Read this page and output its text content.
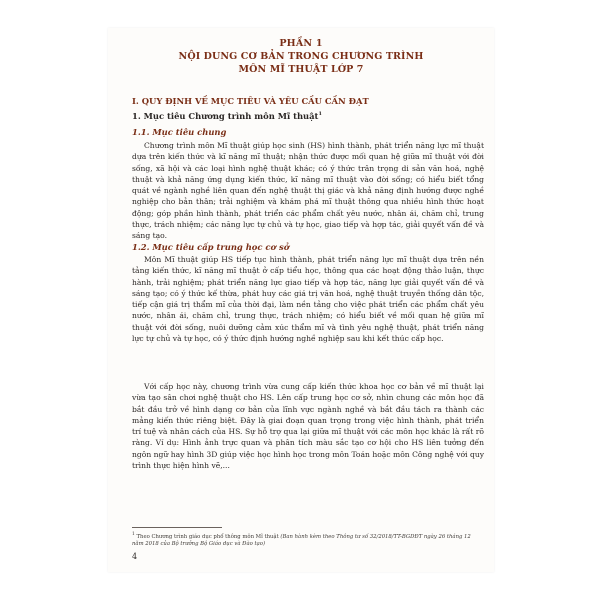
PHẦN 1
NỘI DUNG CƠ BẢN TRONG CHƯƠNG TRÌNH
MÔN MĨ THUẬT LỚP 7
I. QUY ĐỊNH VỀ MỤC TIÊU VÀ YÊU CẦU CẦN ĐẠT
1. Mục tiêu Chương trình môn Mĩ thuật$^1$
1.1. Mục tiêu chung
Chương trình môn Mĩ thuật giúp học sinh (HS) hình thành, phát triển năng lực mĩ thuật dựa trên kiến thức và kĩ năng mĩ thuật; nhận thức được mối quan hệ giữa mĩ thuật với đời sống, xã hội và các loại hình nghệ thuật khác; có ý thức trân trọng di sản văn hoá, nghệ thuật và khả năng ứng dụng kiến thức, kĩ năng mĩ thuật vào đời sống; có hiểu biết tổng quát về ngành nghề liên quan đến nghệ thuật thị giác và khả năng định hướng được nghề nghiệp cho bản thân; trải nghiệm và khám phá mĩ thuật thông qua nhiều hình thức hoạt động; góp phần hình thành, phát triển các phẩm chất yêu nước, nhân ái, chăm chỉ, trung thực, trách nhiệm; các năng lực tự chủ và tự học, giao tiếp và hợp tác, giải quyết vấn đề và sáng tạo.
1.2. Mục tiêu cấp trung học cơ sở
Môn Mĩ thuật giúp HS tiếp tục hình thành, phát triển năng lực mĩ thuật dựa trên nền tảng kiến thức, kĩ năng mĩ thuật ở cấp tiểu học, thông qua các hoạt động thảo luận, thực hành, trải nghiệm; phát triển năng lực giao tiếp và hợp tác, năng lực giải quyết vấn đề và sáng tạo; có ý thức kế thừa, phát huy các giá trị văn hoá, nghệ thuật truyền thống dân tộc, tiếp cận giá trị thẩm mĩ của thời đại, làm nền tảng cho việc phát triển các phẩm chất yêu nước, nhân ái, chăm chỉ, trung thực, trách nhiệm; có hiểu biết về mối quan hệ giữa mĩ thuật với đời sống, nuôi dưỡng cảm xúc thẩm mĩ và tình yêu nghệ thuật, phát triển năng lực tự chủ và tự học, có ý thức định hướng nghề nghiệp sau khi kết thúc cấp học.
Với cấp học này, chương trình vừa cung cấp kiến thức khoa học cơ bản về mĩ thuật lại vừa tạo sân chơi nghệ thuật cho HS. Lên cấp trung học cơ sở, nhìn chung các môn học đã bắt đầu trở về hình dạng cơ bản của lĩnh vực ngành nghề và bắt đầu tách ra thành các mảng kiến thức riêng biệt. Đây là giai đoạn quan trọng trong việc hình thành, phát triển trí tuệ và nhân cách của HS. Sự hỗ trợ qua lại giữa mĩ thuật với các môn học khác là rất rõ ràng. Ví dụ: Hình ảnh trực quan và phân tích màu sắc tạo cơ hội cho HS liên tưởng đến ngôn ngữ hay hình 3D giúp việc học hình học trong môn Toán hoặc môn Công nghệ với quy trình thực hiện hình vẽ,...
$^1$ Theo Chương trình giáo dục phổ thông môn Mĩ thuật (Ban hành kèm theo Thông tư số 32/2018/TT-BGDĐT ngày 26 tháng 12 năm 2018 của Bộ trưởng Bộ Giáo dục và Đào tạo)
4
